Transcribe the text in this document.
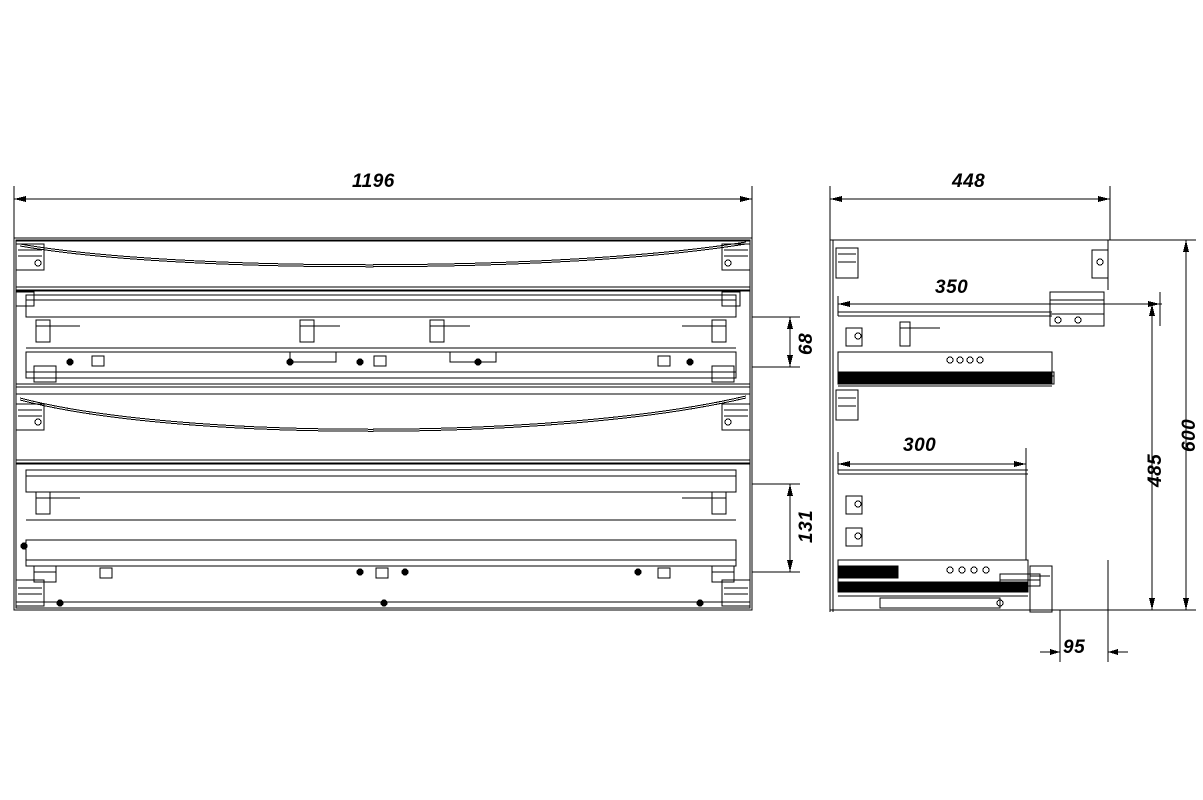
1196
68
131
448
350
300	600
485
95
